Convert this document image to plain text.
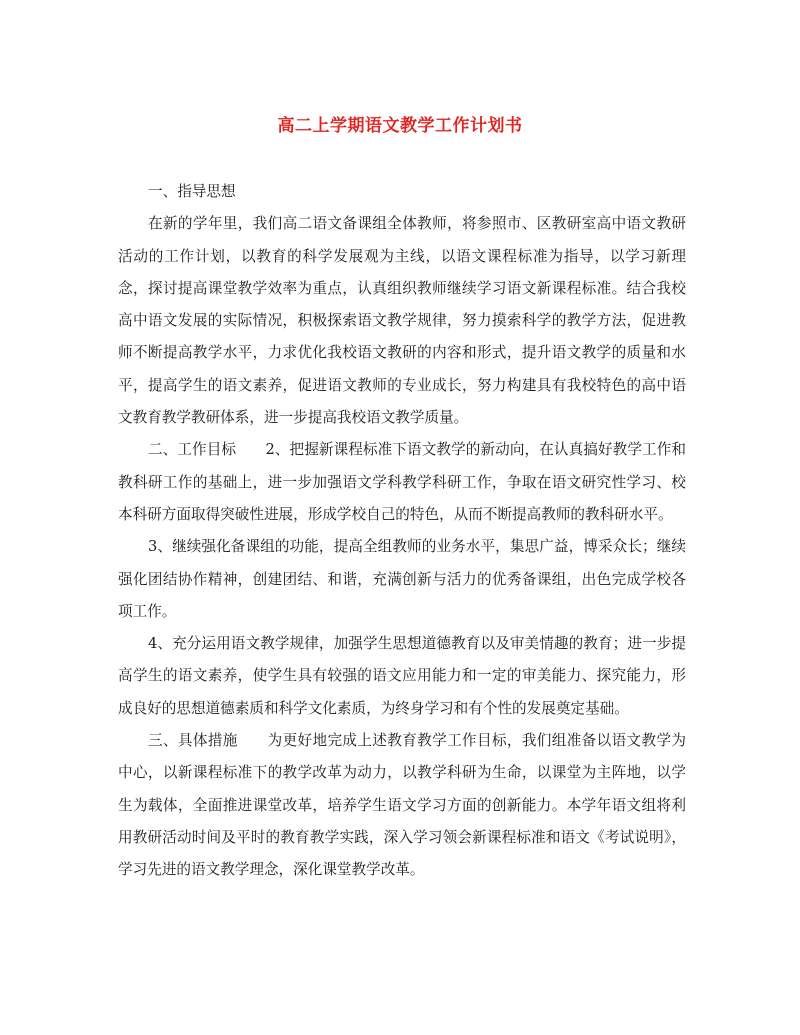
高二上学期语文教学工作计划书

一、指导思想

在新的学年里，我们高二语文备课组全体教师，将参照市、区教研室高中语文教研活动的工作计划，以教育的科学发展观为主线，以语文课程标准为指导，以学习新理念，探讨提高课堂教学效率为重点，认真组织教师继续学习语文新课程标准。结合我校高中语文发展的实际情况，积极探索语文教学规律，努力摸索科学的教学方法，促进教师不断提高教学水平，力求优化我校语文教研的内容和形式，提升语文教学的质量和水平，提高学生的语文素养，促进语文教师的专业成长，努力构建具有我校特色的高中语文教育教学教研体系，进一步提高我校语文教学质量。

二、工作目标　　2、把握新课程标准下语文教学的新动向，在认真搞好教学工作和教科研工作的基础上，进一步加强语文学科教学科研工作，争取在语文研究性学习、校本科研方面取得突破性进展，形成学校自己的特色，从而不断提高教师的教科研水平。

3、继续强化备课组的功能，提高全组教师的业务水平，集思广益，博采众长；继续强化团结协作精神，创建团结、和谐，充满创新与活力的优秀备课组，出色完成学校各项工作。

4、充分运用语文教学规律，加强学生思想道德教育以及审美情趣的教育；进一步提高学生的语文素养，使学生具有较强的语文应用能力和一定的审美能力、探究能力，形成良好的思想道德素质和科学文化素质，为终身学习和有个性的发展奠定基础。

三、具体措施　　为更好地完成上述教育教学工作目标，我们组准备以语文教学为中心，以新课程标准下的教学改革为动力，以教学科研为生命，以课堂为主阵地，以学生为载体，全面推进课堂改革，培养学生语文学习方面的创新能力。本学年语文组将利用教研活动时间及平时的教育教学实践，深入学习领会新课程标准和语文《考试说明》，学习先进的语文教学理念，深化课堂教学改革。
